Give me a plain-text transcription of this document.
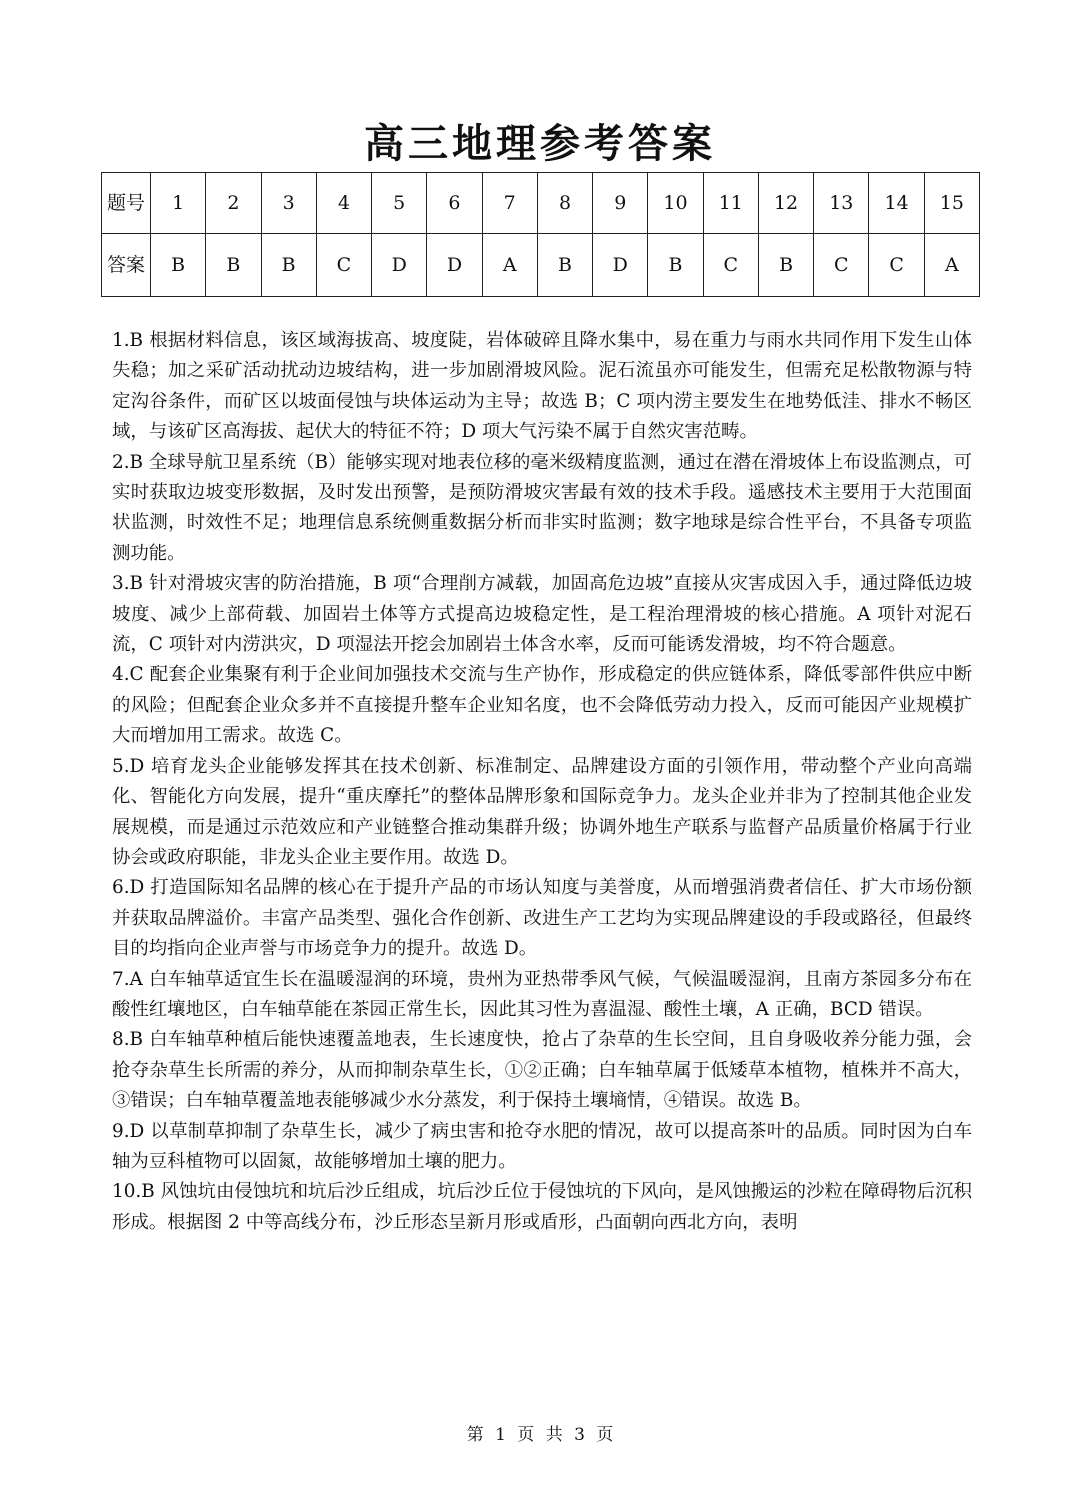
高三地理参考答案
题号	1	2	3	4	5	6	7	8	9	10	11	12	13	14	15
答案	B	B	B	C	D	D	A	B	D	B	C	B	C	C	A

1.B 根据材料信息，该区域海拔高、坡度陡，岩体破碎且降水集中，易在重力与雨水共同作用下发生山体失稳；加之采矿活动扰动边坡结构，进一步加剧滑坡风险。泥石流虽亦可能发生，但需充足松散物源与特定沟谷条件，而矿区以坡面侵蚀与块体运动为主导；故选 B；C 项内涝主要发生在地势低洼、排水不畅区域，与该矿区高海拔、起伏大的特征不符；D 项大气污染不属于自然灾害范畴。

2.B 全球导航卫星系统（B）能够实现对地表位移的毫米级精度监测，通过在潜在滑坡体上布设监测点，可实时获取边坡变形数据，及时发出预警，是预防滑坡灾害最有效的技术手段。遥感技术主要用于大范围面状监测，时效性不足；地理信息系统侧重数据分析而非实时监测；数字地球是综合性平台，不具备专项监测功能。

3.B 针对滑坡灾害的防治措施，B 项“合理削方减载，加固高危边坡”直接从灾害成因入手，通过降低边坡坡度、减少上部荷载、加固岩土体等方式提高边坡稳定性，是工程治理滑坡的核心措施。A 项针对泥石流，C 项针对内涝洪灾，D 项湿法开挖会加剧岩土体含水率，反而可能诱发滑坡，均不符合题意。

4.C 配套企业集聚有利于企业间加强技术交流与生产协作，形成稳定的供应链体系，降低零部件供应中断的风险；但配套企业众多并不直接提升整车企业知名度，也不会降低劳动力投入，反而可能因产业规模扩大而增加用工需求。故选 C。

5.D 培育龙头企业能够发挥其在技术创新、标准制定、品牌建设方面的引领作用，带动整个产业向高端化、智能化方向发展，提升“重庆摩托”的整体品牌形象和国际竞争力。龙头企业并非为了控制其他企业发展规模，而是通过示范效应和产业链整合推动集群升级；协调外地生产联系与监督产品质量价格属于行业协会或政府职能，非龙头企业主要作用。故选 D。

6.D 打造国际知名品牌的核心在于提升产品的市场认知度与美誉度，从而增强消费者信任、扩大市场份额并获取品牌溢价。丰富产品类型、强化合作创新、改进生产工艺均为实现品牌建设的手段或路径，但最终目的均指向企业声誉与市场竞争力的提升。故选 D。

7.A 白车轴草适宜生长在温暖湿润的环境，贵州为亚热带季风气候，气候温暖湿润，且南方茶园多分布在酸性红壤地区，白车轴草能在茶园正常生长，因此其习性为喜温湿、酸性土壤，A 正确，BCD 错误。

8.B 白车轴草种植后能快速覆盖地表，生长速度快，抢占了杂草的生长空间，且自身吸收养分能力强，会抢夺杂草生长所需的养分，从而抑制杂草生长，①②正确；白车轴草属于低矮草本植物，植株并不高大，③错误；白车轴草覆盖地表能够减少水分蒸发，利于保持土壤墒情，④错误。故选 B。

9.D 以草制草抑制了杂草生长，减少了病虫害和抢夺水肥的情况，故可以提高茶叶的品质。同时因为白车轴为豆科植物可以固氮，故能够增加土壤的肥力。

10.B 风蚀坑由侵蚀坑和坑后沙丘组成，坑后沙丘位于侵蚀坑的下风向，是风蚀搬运的沙粒在障碍物后沉积形成。根据图 2 中等高线分布，沙丘形态呈新月形或盾形，凸面朝向西北方向，表明

第 1 页 共 3 页
